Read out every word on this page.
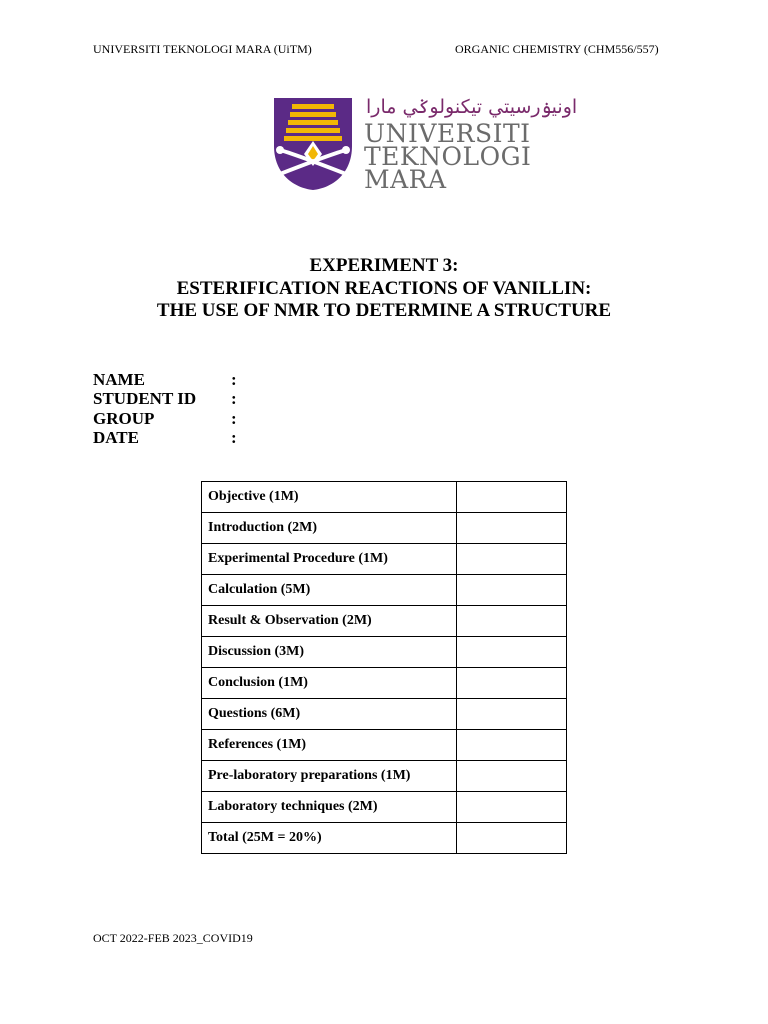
UNIVERSITI TEKNOLOGI MARA (UiTM)	ORGANIC CHEMISTRY (CHM556/557)
اونيۏرسيتي تيكنولوݢي مارا
UNIVERSITI
TEKNOLOGI
MARA
EXPERIMENT 3:
ESTERIFICATION REACTIONS OF VANILLIN:
THE USE OF NMR TO DETERMINE A STRUCTURE
NAME	:
STUDENT ID :
GROUP	:
DATE	:
Objective (1M)	
Introduction (2M)	
Experimental Procedure (1M)	
Calculation (5M)	
Result & Observation (2M)	
Discussion (3M)	
Conclusion (1M)	
Questions (6M)	
References (1M)	
Pre-laboratory preparations (1M)	
Laboratory techniques (2M)	
Total (25M = 20%)	
OCT 2022-FEB 2023_COVID19
